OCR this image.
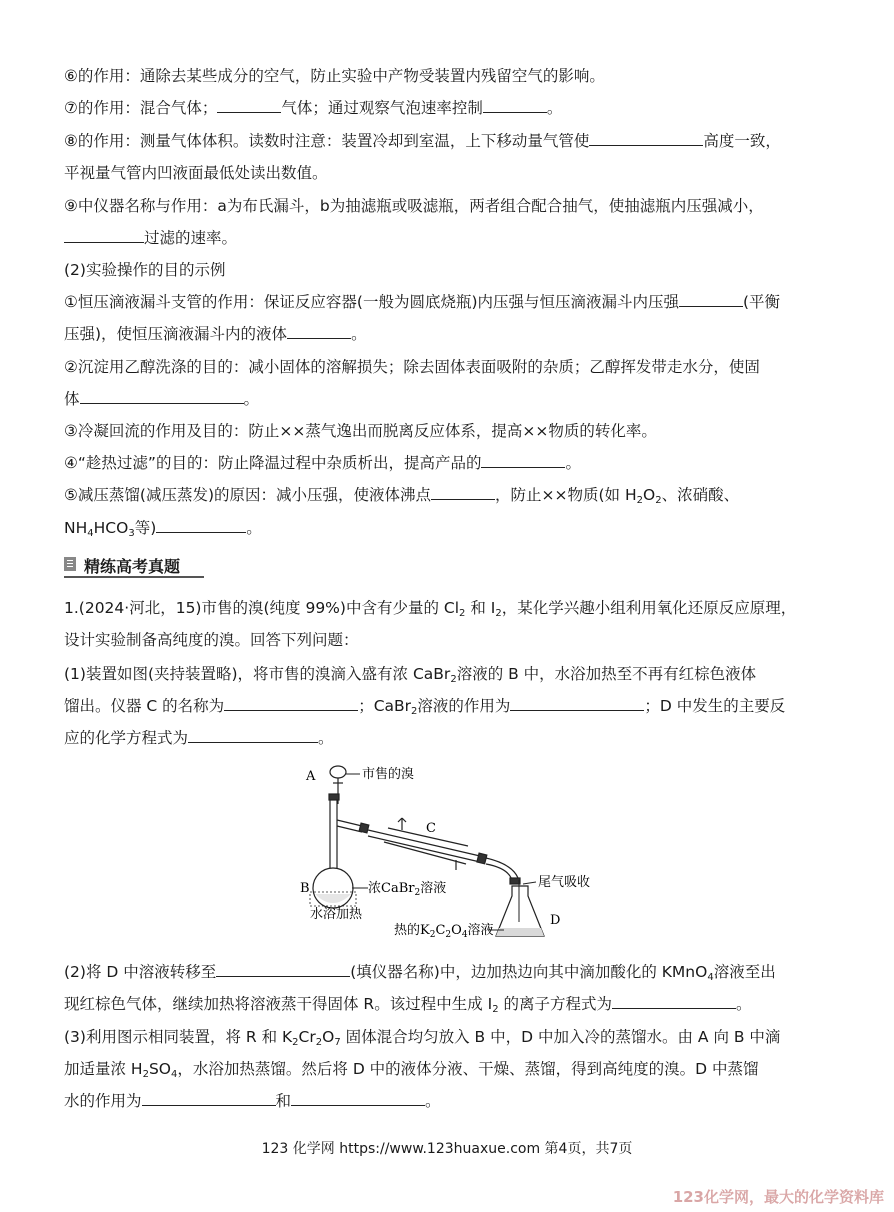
⑥的作用：通除去某些成分的空气，防止实验中产物受装置内残留空气的影响。
⑦的作用：混合气体；	气体；通过观察气泡速率控制	。
⑧的作用：测量气体体积。读数时注意：装置冷却到室温，上下移动量气管使	高度一致，
平视量气管内凹液面最低处读出数值。
⑨中仪器名称与作用：a为布氏漏斗，b为抽滤瓶或吸滤瓶，两者组合配合抽气，使抽滤瓶内压强减小，
过滤的速率。
(2)实验操作的目的示例
①恒压滴液漏斗支管的作用：保证反应容器(一般为圆底烧瓶)内压强与恒压滴液漏斗内压强	(平衡
压强)，使恒压滴液漏斗内的液体	。
②沉淀用乙醇洗涤的目的：减小固体的溶解损失；除去固体表面吸附的杂质；乙醇挥发带走水分，使固
体	。
③冷凝回流的作用及目的：防止××蒸气逸出而脱离反应体系，提高××物质的转化率。
④“趁热过滤”的目的：防止降温过程中杂质析出，提高产品的	。
⑤减压蒸馏(减压蒸发)的原因：减小压强，使液体沸点	，防止××物质(如 $H_2O_2$、浓硝酸、
$NH_4HCO_3$等)	。
精练高考真题
1.(2024·河北，15)市售的溴(纯度 99%)中含有少量的 $Cl_2$ 和 $I_2$，某化学兴趣小组利用氧化还原反应原理，
设计实验制备高纯度的溴。回答下列问题：
(1)装置如图(夹持装置略)，将市售的溴滴入盛有浓 CaBr$_2$溶液的 B 中，水浴加热至不再有红棕色液体
馏出。仪器 C 的名称为	；CaBr$_2$溶液的作用为	；D 中发生的主要反
应的化学方程式为	。
A	市售的溴
C
B	浓CaBr$_2$溶液
水浴加热
尾气吸收
D
热的$K_2C_2O_4$溶液
(2)将 D 中溶液转移至	(填仪器名称)中，边加热边向其中滴加酸化的 KMnO$_4$溶液至出
现红棕色气体，继续加热将溶液蒸干得固体 R。该过程中生成 $I_2$ 的离子方程式为	。
(3)利用图示相同装置，将 R 和 $K_2Cr_2O_7$ 固体混合均匀放入 B 中，D 中加入冷的蒸馏水。由 A 向 B 中滴
加适量浓 $H_2SO_4$，水浴加热蒸馏。然后将 D 中的液体分液、干燥、蒸馏，得到高纯度的溴。D 中蒸馏
水的作用为	和	。
123 化学网 https://www.123huaxue.com 第4页，共7页
123化学网，最大的化学资料库
